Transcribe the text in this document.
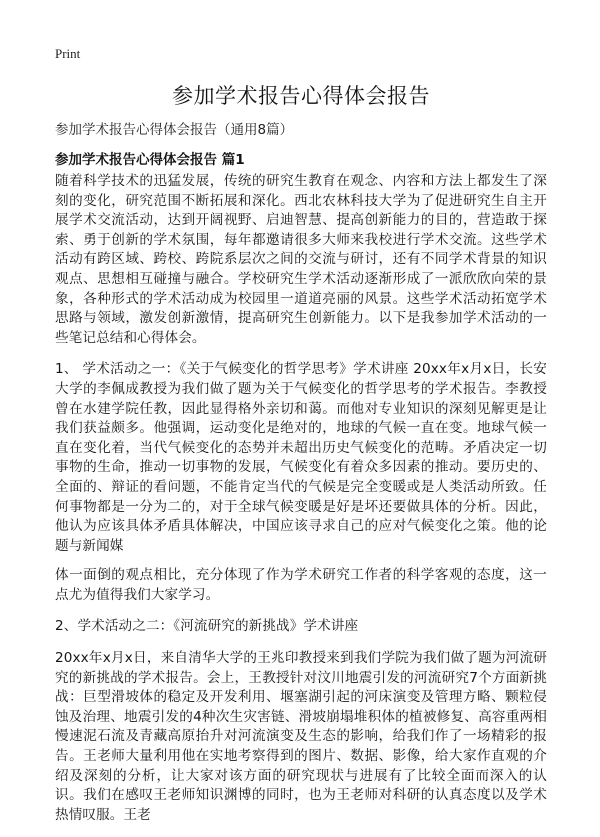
Print
参加学术报告心得体会报告
参加学术报告心得体会报告（通用8篇）
参加学术报告心得体会报告 篇1

随着科学技术的迅猛发展，传统的研究生教育在观念、内容和方法上都发生了深刻的变化，研究范围不断拓展和深化。西北农林科技大学为了促进研究生自主开展学术交流活动，达到开阔视野、启迪智慧、提高创新能力的目的，营造敢于探索、勇于创新的学术氛围，每年都邀请很多大师来我校进行学术交流。这些学术活动有跨区域、跨校、跨院系层次之间的交流与研讨，还有不同学术背景的知识观点、思想相互碰撞与融合。学校研究生学术活动逐渐形成了一派欣欣向荣的景象，各种形式的学术活动成为校园里一道道亮丽的风景。这些学术活动拓宽学术思路与领域，激发创新激情，提高研究生创新能力。以下是我参加学术活动的一些笔记总结和心得体会。

1、 学术活动之一：《关于气候变化的哲学思考》学术讲座 20xx年x月x日，长安大学的李佩成教授为我们做了题为关于气候变化的哲学思考的学术报告。李教授曾在水建学院任教，因此显得格外亲切和蔼。而他对专业知识的深刻见解更是让我们获益颇多。他强调，运动变化是绝对的，地球的气候一直在变。地球气候一直在变化着，当代气候变化的态势并未超出历史气候变化的范畴。矛盾决定一切事物的生命，推动一切事物的发展，气候变化有着众多因素的推动。要历史的、全面的、辩证的看问题，不能肯定当代的气候是完全变暖或是人类活动所致。任何事物都是一分为二的，对于全球气候变暖是好是坏还要做具体的分析。因此，他认为应该具体矛盾具体解决，中国应该寻求自己的应对气候变化之策。他的论题与新闻媒

体一面倒的观点相比，充分体现了作为学术研究工作者的科学客观的态度，这一点尤为值得我们大家学习。

2、学术活动之二：《河流研究的新挑战》学术讲座

20xx年x月x日，来自清华大学的王兆印教授来到我们学院为我们做了题为河流研究的新挑战的学术报告。会上，王教授针对汶川地震引发的河流研究7个方面新挑战：巨型滑坡体的稳定及开发利用、堰塞湖引起的河床演变及管理方略、颗粒侵蚀及治理、地震引发的4种次生灾害链、滑坡崩塌堆积体的植被修复、高容重两相慢速泥石流及青藏高原抬升对河流演变及生态的影响，给我们作了一场精彩的报告。王老师大量利用他在实地考察得到的图片、数据、影像，给大家作直观的介绍及深刻的分析，让大家对该方面的研究现状与进展有了比较全面而深入的认识。我们在感叹王老师知识渊博的同时，也为王老师对科研的认真态度以及学术热情叹服。王老
